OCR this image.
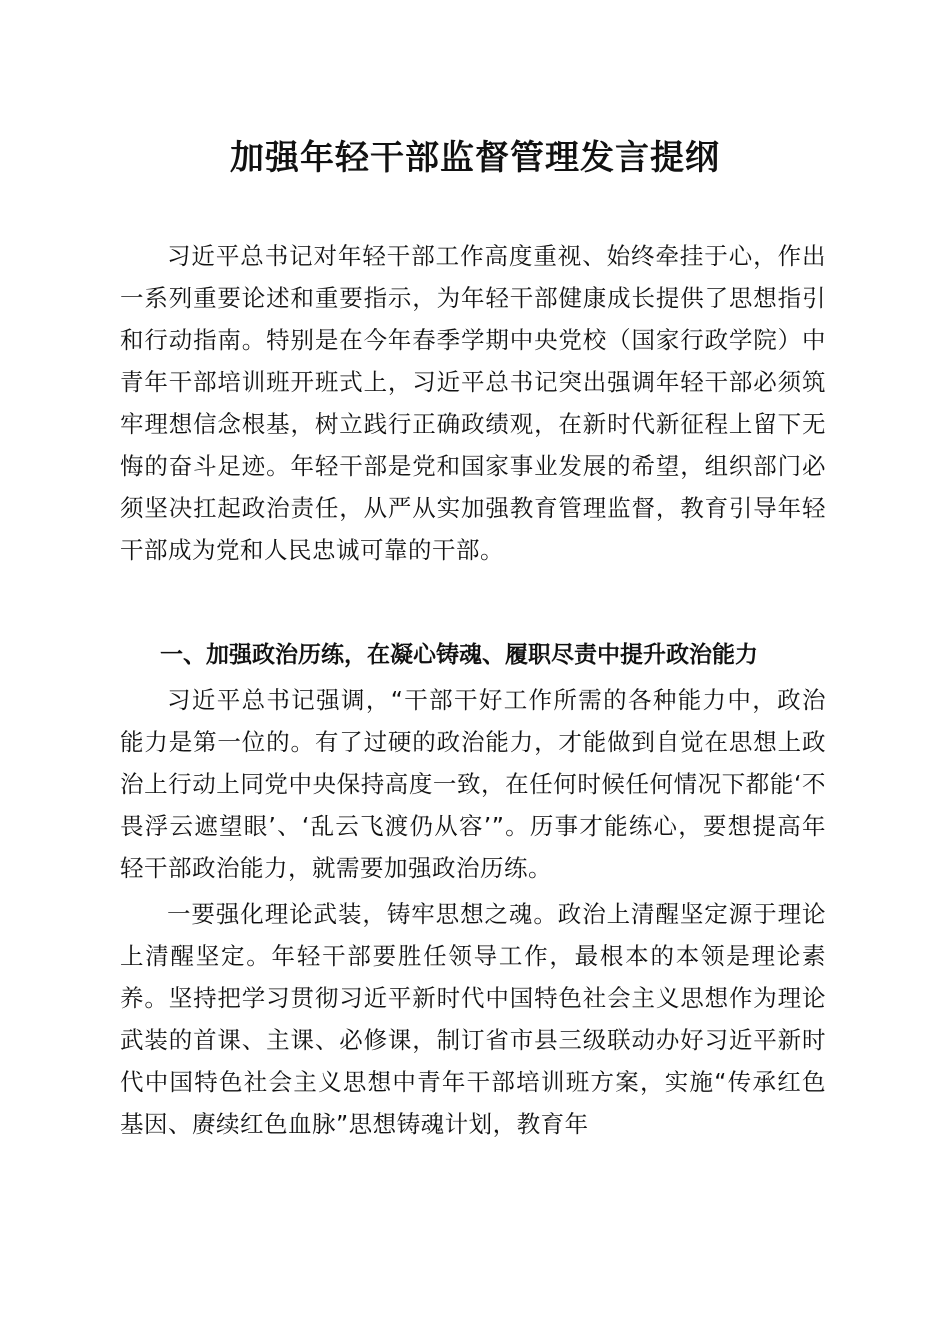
加强年轻干部监督管理发言提纲

习近平总书记对年轻干部工作高度重视、始终牵挂于心，作出一系列重要论述和重要指示，为年轻干部健康成长提供了思想指引和行动指南。特别是在今年春季学期中央党校（国家行政学院）中青年干部培训班开班式上，习近平总书记突出强调年轻干部必须筑牢理想信念根基，树立践行正确政绩观，在新时代新征程上留下无悔的奋斗足迹。年轻干部是党和国家事业发展的希望，组织部门必须坚决扛起政治责任，从严从实加强教育管理监督，教育引导年轻干部成为党和人民忠诚可靠的干部。

一、加强政治历练，在凝心铸魂、履职尽责中提升政治能力

习近平总书记强调，“干部干好工作所需的各种能力中，政治能力是第一位的。有了过硬的政治能力，才能做到自觉在思想上政治上行动上同党中央保持高度一致，在任何时候任何情况下都能‘不畏浮云遮望眼’、‘乱云飞渡仍从容’”。历事才能练心，要想提高年轻干部政治能力，就需要加强政治历练。

一要强化理论武装，铸牢思想之魂。政治上清醒坚定源于理论上清醒坚定。年轻干部要胜任领导工作，最根本的本领是理论素养。坚持把学习贯彻习近平新时代中国特色社会主义思想作为理论武装的首课、主课、必修课，制订省市县三级联动办好习近平新时代中国特色社会主义思想中青年干部培训班方案，实施“传承红色基因、赓续红色血脉”思想铸魂计划，教育年
